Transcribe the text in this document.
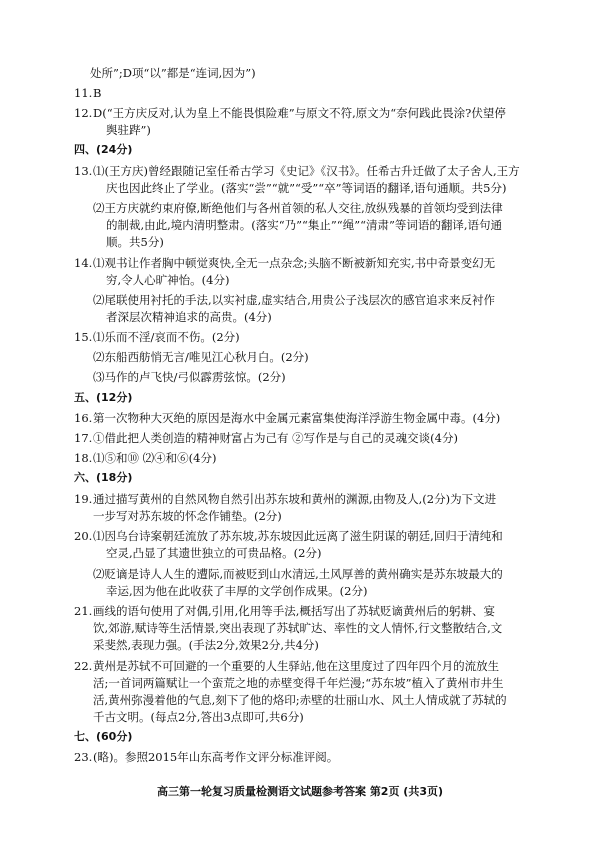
处所”;D项“以”都是“连词,因为”)
11. B
12. D(“王方庆反对,认为皇上不能畏惧险难”与原文不符,原文为“奈何践此畏涂?伏望停
舆驻跸”)
四、(24分)
13. ⑴(王方庆)曾经跟随记室任希古学习《史记》《汉书》。任希古升迁做了太子舍人,王方
庆也因此终止了学业。(落实“尝”“就”“受”“卒”等词语的翻译,语句通顺。共5分)
⑵王方庆就约束府僚,断绝他们与各州首领的私人交往,放纵残暴的首领均受到法律
的制裁,由此,境内清明整肃。(落实“乃”“集止”“绳”“清肃”等词语的翻译,语句通
顺。共5分)
14. ⑴观书让作者胸中顿觉爽快,全无一点杂念;头脑不断被新知充实,书中奇景变幻无
穷,令人心旷神怡。(4分)
⑵尾联使用衬托的手法,以实衬虚,虚实结合,用贵公子浅层次的感官追求来反衬作
者深层次精神追求的高贵。(4分)
15. ⑴乐而不淫/哀而不伤。(2分)
⑵东船西舫悄无言/唯见江心秋月白。(2分)
⑶马作的卢飞快/弓似霹雳弦惊。(2分)
五、(12分)
16. 第一次物种大灭绝的原因是海水中金属元素富集使海洋浮游生物金属中毒。(4分)
17. ①借此把人类创造的精神财富占为己有 ②写作是与自己的灵魂交谈(4分)
18. ⑴⑤和⑩ ⑵④和⑥(4分)
六、(18分)
19. 通过描写黄州的自然风物自然引出苏东坡和黄州的渊源,由物及人,(2分)为下文进
一步写对苏东坡的怀念作铺垫。(2分)
20. ⑴因乌台诗案朝廷流放了苏东坡,苏东坡因此远离了滋生阴谋的朝廷,回归于清纯和
空灵,凸显了其遗世独立的可贵品格。(2分)
⑵贬谪是诗人人生的遭际,而被贬到山水清远,土风厚善的黄州确实是苏东坡最大的
幸运,因为他在此收获了丰厚的文学创作成果。(2分)
21. 画线的语句使用了对偶,引用,化用等手法,概括写出了苏轼贬谪黄州后的躬耕、宴
饮,郊游,赋诗等生活情景,突出表现了苏轼旷达、率性的文人情怀,行文整散结合,文
采斐然,表现力强。(手法2分,效果2分,共4分)
22. 黄州是苏轼不可回避的一个重要的人生驿站,他在这里度过了四年四个月的流放生
活;一首词两篇赋让一个蛮荒之地的赤壁变得千年烂漫;“苏东坡”植入了黄州市井生
活,黄州弥漫着他的气息,刻下了他的烙印;赤壁的壮丽山水、风土人情成就了苏轼的
千古文明。(每点2分,答出3点即可,共6分)
七、(60分)
23. (略)。参照2015年山东高考作文评分标准评阅。
高三第一轮复习质量检测语文试题参考答案 第2页 (共3页)
